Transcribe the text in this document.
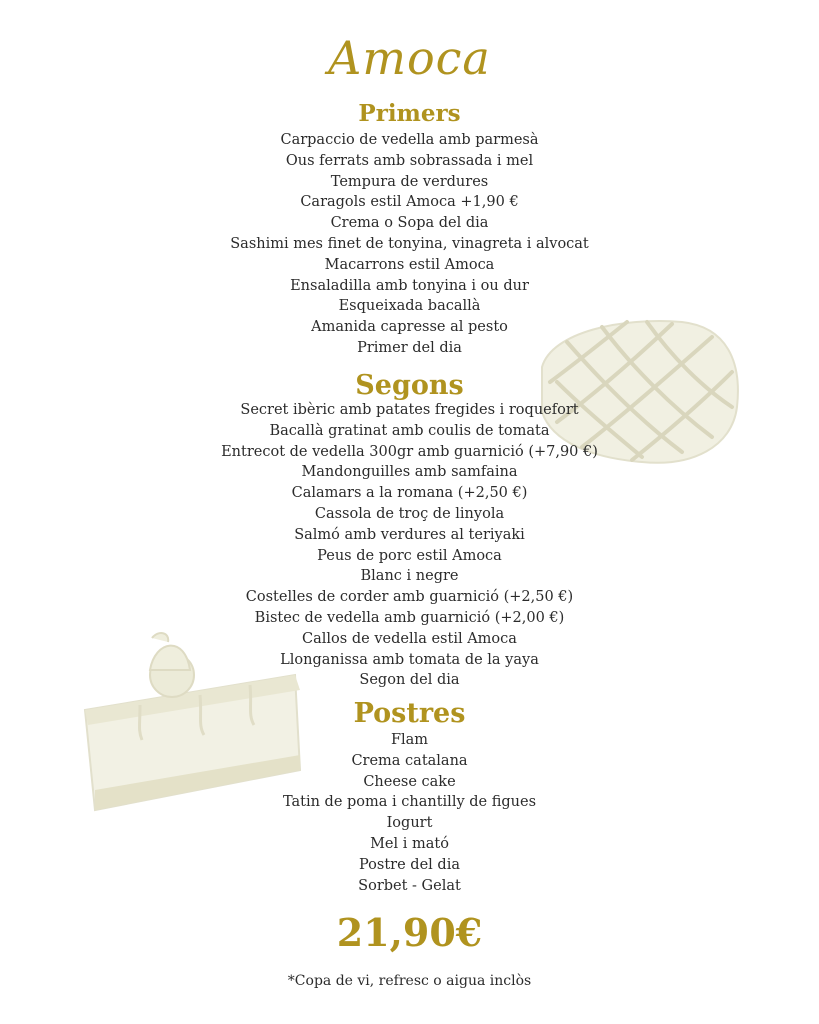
Amoca
Primers
Carpaccio de vedella amb parmesà
Ous ferrats amb sobrassada i mel
Tempura de verdures
Caragols estil Amoca +1,90 €
Crema o Sopa del dia
Sashimi mes finet de tonyina, vinagreta i alvocat
Macarrons estil Amoca
Ensaladilla amb tonyina i ou dur
Esqueixada bacallà
Amanida capresse al pesto
Primer del dia
Segons
Secret ibèric amb patates fregides i roquefort
Bacallà gratinat amb coulis de tomata
Entrecot de vedella 300gr amb guarnició (+7,90 €)
Mandonguilles amb samfaina
Calamars a la romana (+2,50 €)
Cassola de troç de linyola
Salmó amb verdures al teriyaki
Peus de porc estil Amoca
Blanc i negre
Costelles de corder amb guarnició (+2,50 €)
Bistec de vedella amb guarnició (+2,00 €)
Callos de vedella estil Amoca
Llonganissa amb tomata de la yaya
Segon del dia
Postres
Flam
Crema catalana
Cheese cake
Tatin de poma i chantilly de figues
Iogurt
Mel i mató
Postre del dia
Sorbet - Gelat
21,90€
*Copa de vi, refresc o aigua inclòs
